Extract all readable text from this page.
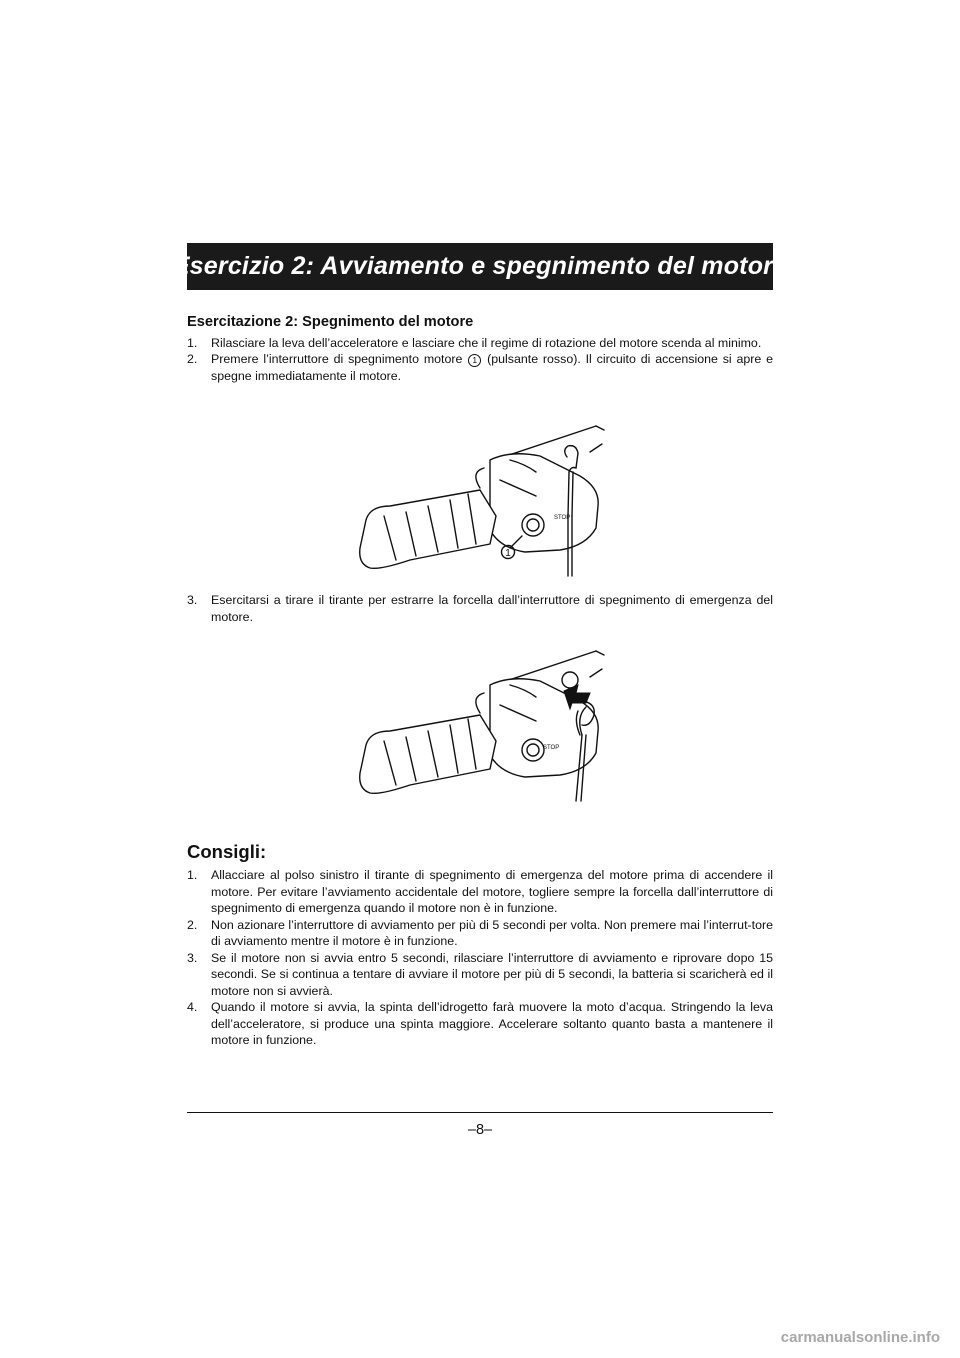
Esercizio 2: Avviamento e spegnimento del motore
Esercitazione 2: Spegnimento del motore
1.	Rilasciare la leva dell’acceleratore e lasciare che il regime di rotazione del motore scenda al minimo.
2.	Premere l’interruttore di spegnimento motore 1 (pulsante rosso). Il circuito di accensione si apre e spegne immediatamente il motore.
STOP
1
3.	Esercitarsi a tirare il tirante per estrarre la forcella dall’interruttore di spegnimento di emergenza del motore.
STOP
Consigli:
1.	Allacciare al polso sinistro il tirante di spegnimento di emergenza del motore prima di accendere il motore. Per evitare l’avviamento accidentale del motore, togliere sempre la forcella dall’interruttore di spegnimento di emergenza quando il motore non è in funzione.
2.	Non azionare l’interruttore di avviamento per più di 5 secondi per volta. Non premere mai l’interrut-tore di avviamento mentre il motore è in funzione.
3.	Se il motore non si avvia entro 5 secondi, rilasciare l’interruttore di avviamento e riprovare dopo 15 secondi. Se si continua a tentare di avviare il motore per più di 5 secondi, la batteria si scaricherà ed il motore non si avvierà.
4.	Quando il motore si avvia, la spinta dell’idrogetto farà muovere la moto d’acqua. Stringendo la leva dell’acceleratore, si produce una spinta maggiore. Accelerare soltanto quanto basta a mantenere il motore in funzione.
–8–
carmanualsonline.info
